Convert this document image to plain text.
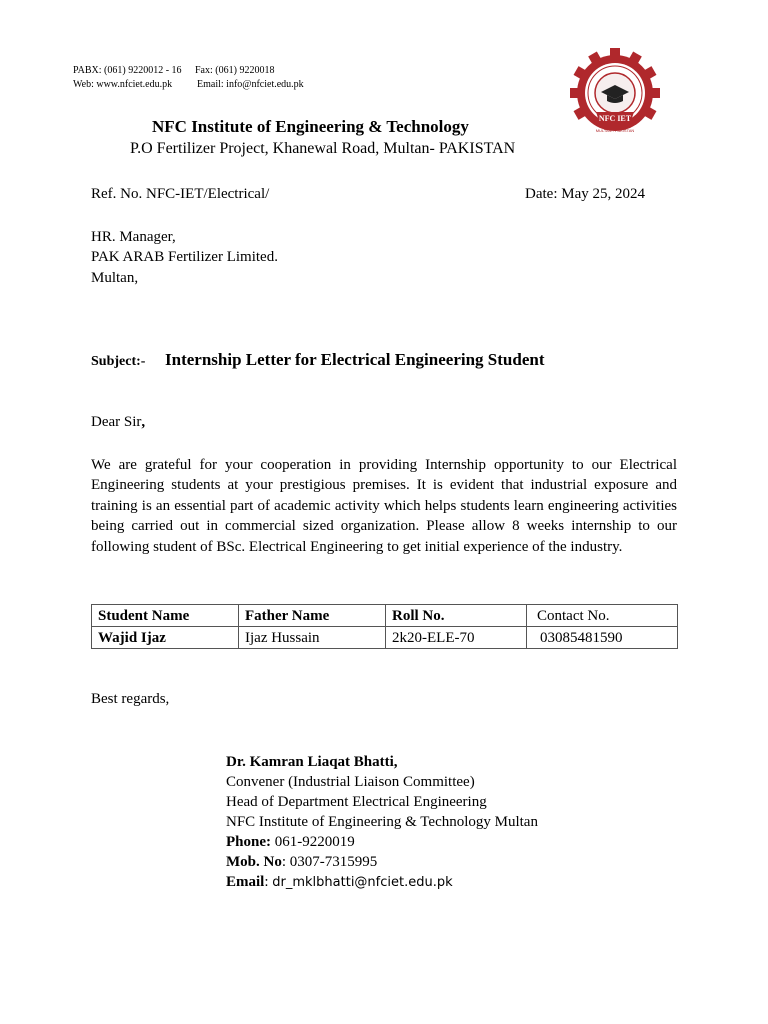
PABX: (061) 9220012 - 16 Fax: (061) 9220018
Web: www.nfciet.edu.pk Email: info@nfciet.edu.pk
NFC Institute of Engineering & Technology
P.O Fertilizer Project, Khanewal Road, Multan- PAKISTAN
NFC IET
MULTAN - PAKISTAN
Ref. No. NFC-IET/Electrical/	Date: May 25, 2024
HR. Manager,
PAK ARAB Fertilizer Limited.
Multan,
Subject:- Internship Letter for Electrical Engineering Student
Dear Sir,
We are grateful for your cooperation in providing Internship opportunity to our Electrical Engineering students at your prestigious premises. It is evident that industrial exposure and training is an essential part of academic activity which helps students learn engineering activities being carried out in commercial sized organization. Please allow 8 weeks internship to our following student of BSc. Electrical Engineering to get initial experience of the industry.
Student Name	Father Name	Roll No.	Contact No.
Wajid Ijaz	Ijaz Hussain	2k20-ELE-70	03085481590
Best regards,
Dr. Kamran Liaqat Bhatti,
Convener (Industrial Liaison Committee)
Head of Department Electrical Engineering
NFC Institute of Engineering & Technology Multan
Phone: 061-9220019
Mob. No: 0307-7315995
Email: dr_mklbhatti@nfciet.edu.pk
